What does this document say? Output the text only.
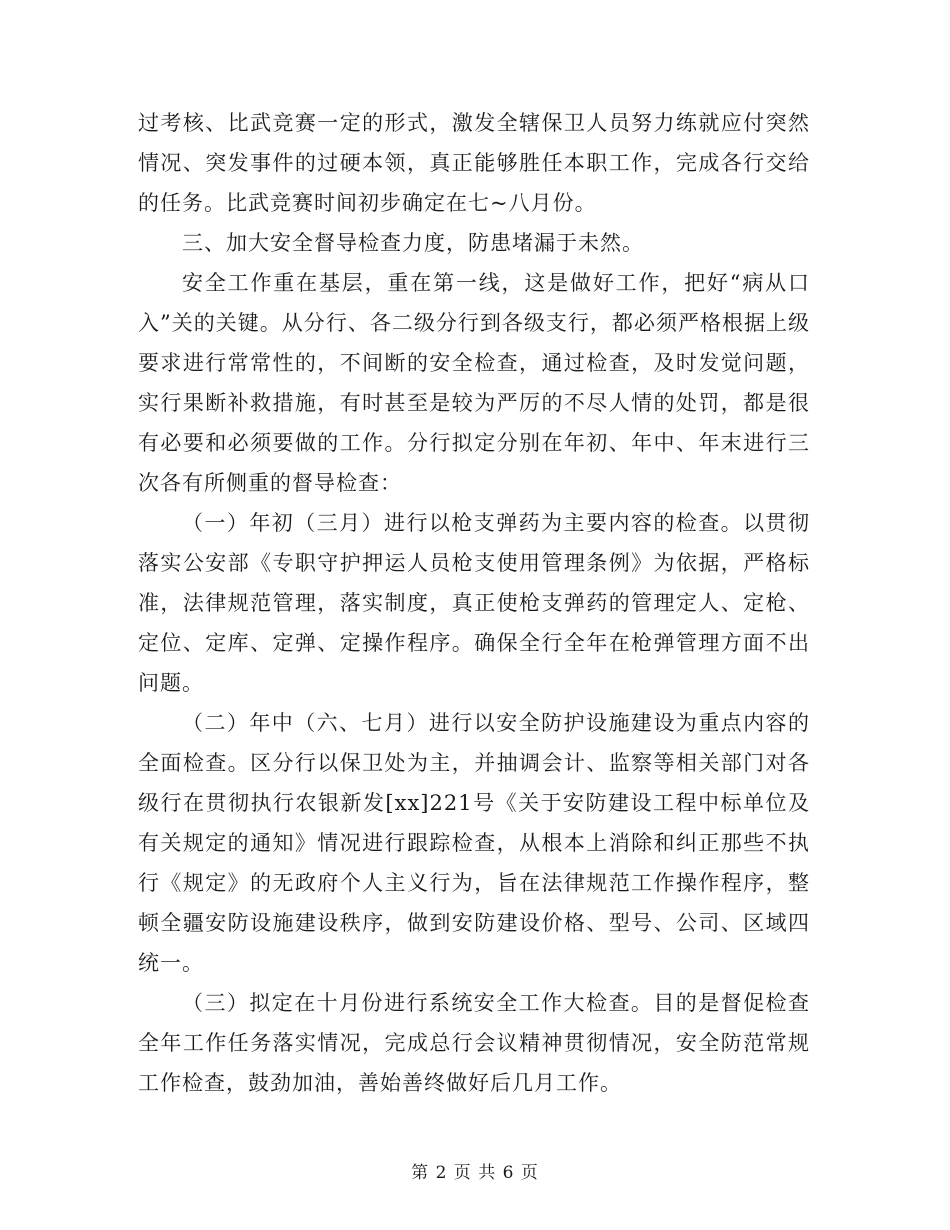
过考核、比武竞赛一定的形式，激发全辖保卫人员努力练就应付突然情况、突发事件的过硬本领，真正能够胜任本职工作，完成各行交给的任务。比武竞赛时间初步确定在七~八月份。

三、加大安全督导检查力度，防患堵漏于未然。

安全工作重在基层，重在第一线，这是做好工作，把好“病从口入”关的关键。从分行、各二级分行到各级支行，都必须严格根据上级要求进行常常性的，不间断的安全检查，通过检查，及时发觉问题，实行果断补救措施，有时甚至是较为严厉的不尽人情的处罚，都是很有必要和必须要做的工作。分行拟定分别在年初、年中、年末进行三次各有所侧重的督导检查：

（一）年初（三月）进行以枪支弹药为主要内容的检查。以贯彻落实公安部《专职守护押运人员枪支使用管理条例》为依据，严格标准，法律规范管理，落实制度，真正使枪支弹药的管理定人、定枪、定位、定库、定弹、定操作程序。确保全行全年在枪弹管理方面不出问题。

（二）年中（六、七月）进行以安全防护设施建设为重点内容的全面检查。区分行以保卫处为主，并抽调会计、监察等相关部门对各级行在贯彻执行农银新发[xx]221号《关于安防建设工程中标单位及有关规定的通知》情况进行跟踪检查，从根本上消除和纠正那些不执行《规定》的无政府个人主义行为，旨在法律规范工作操作程序，整顿全疆安防设施建设秩序，做到安防建设价格、型号、公司、区域四统一。

（三）拟定在十月份进行系统安全工作大检查。目的是督促检查全年工作任务落实情况，完成总行会议精神贯彻情况，安全防范常规工作检查，鼓劲加油，善始善终做好后几月工作。

第 2 页 共 6 页
